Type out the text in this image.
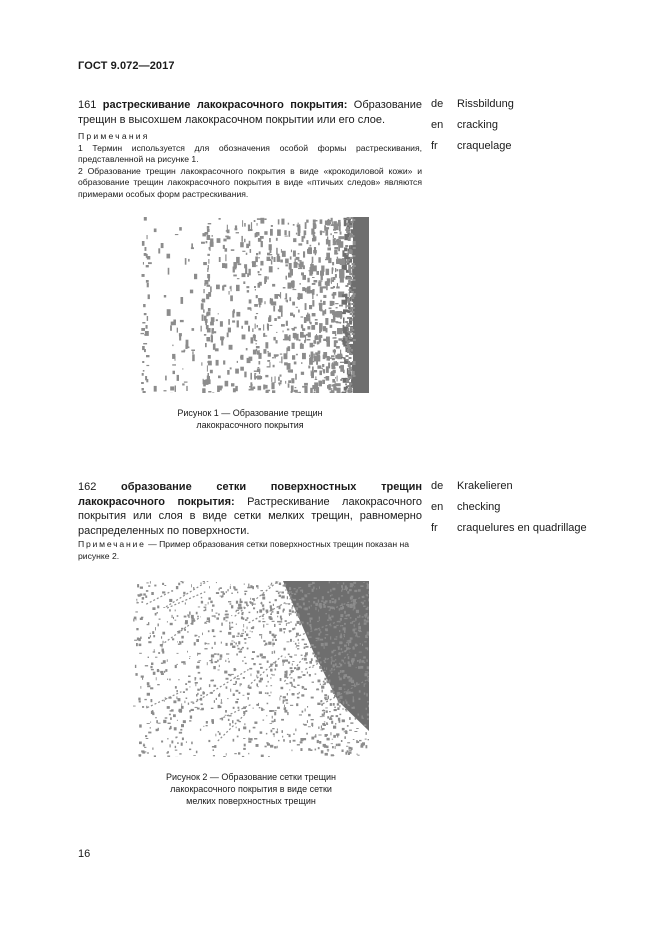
ГОСТ 9.072—2017
161 растрескивание лакокрасочного покрытия: Образование трещин в высохшем лакокрасочном покрытии или его слое.
Примечания
1 Термин используется для обозначения особой формы растрескивания, представленной на рисунке 1.
2 Образование трещин лакокрасочного покрытия в виде «крокодиловой кожи» и образование трещин лакокрасочного покрытия в виде «птичьих следов» являются примерами особых форм растрескивания.
de Rissbildung
en cracking
fr craquelage
Рисунок 1 — Образование трещин
лакокрасочного покрытия
162 образование сетки поверхностных трещин лакокрасочного покрытия: Растрескивание лакокрасочного покрытия или слоя в виде сетки мелких трещин, равномерно распределенных по поверхности.
Примечание — Пример образования сетки поверхностных трещин показан на рисунке 2.
de Krakelieren
en checking
fr craquelures en quadrillage
Рисунок 2 — Образование сетки трещин
лакокрасочного покрытия в виде сетки
мелких поверхностных трещин
16
